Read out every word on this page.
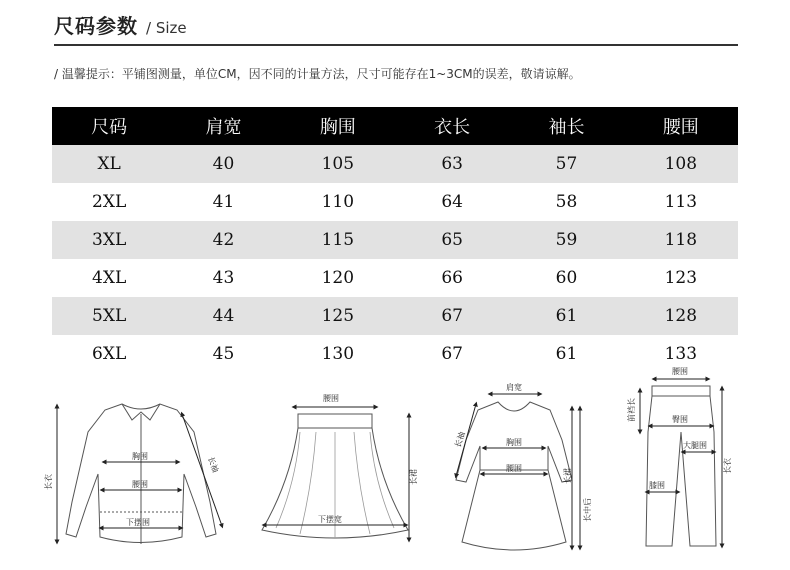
尺码参数 / Size
/ 温馨提示：平铺图测量，单位CM，因不同的计量方法，尺寸可能存在1~3CM的误差，敬请谅解。
尺码	肩宽	胸围	衣长	袖长	腰围
XL	40	105	63	57	108
2XL	41	110	64	58	113
3XL	42	115	65	59	118
4XL	43	120	66	60	123
5XL	44	125	67	61	128
6XL	45	130	67	61	133
长衣
胸围
腰围
下摆围
长袖
腰围
长裙
下摆宽
肩宽
胸围
腰围
长袖
长裙
长中后
腰围
前裆长	臀围
大腿围
膝围
长衣
